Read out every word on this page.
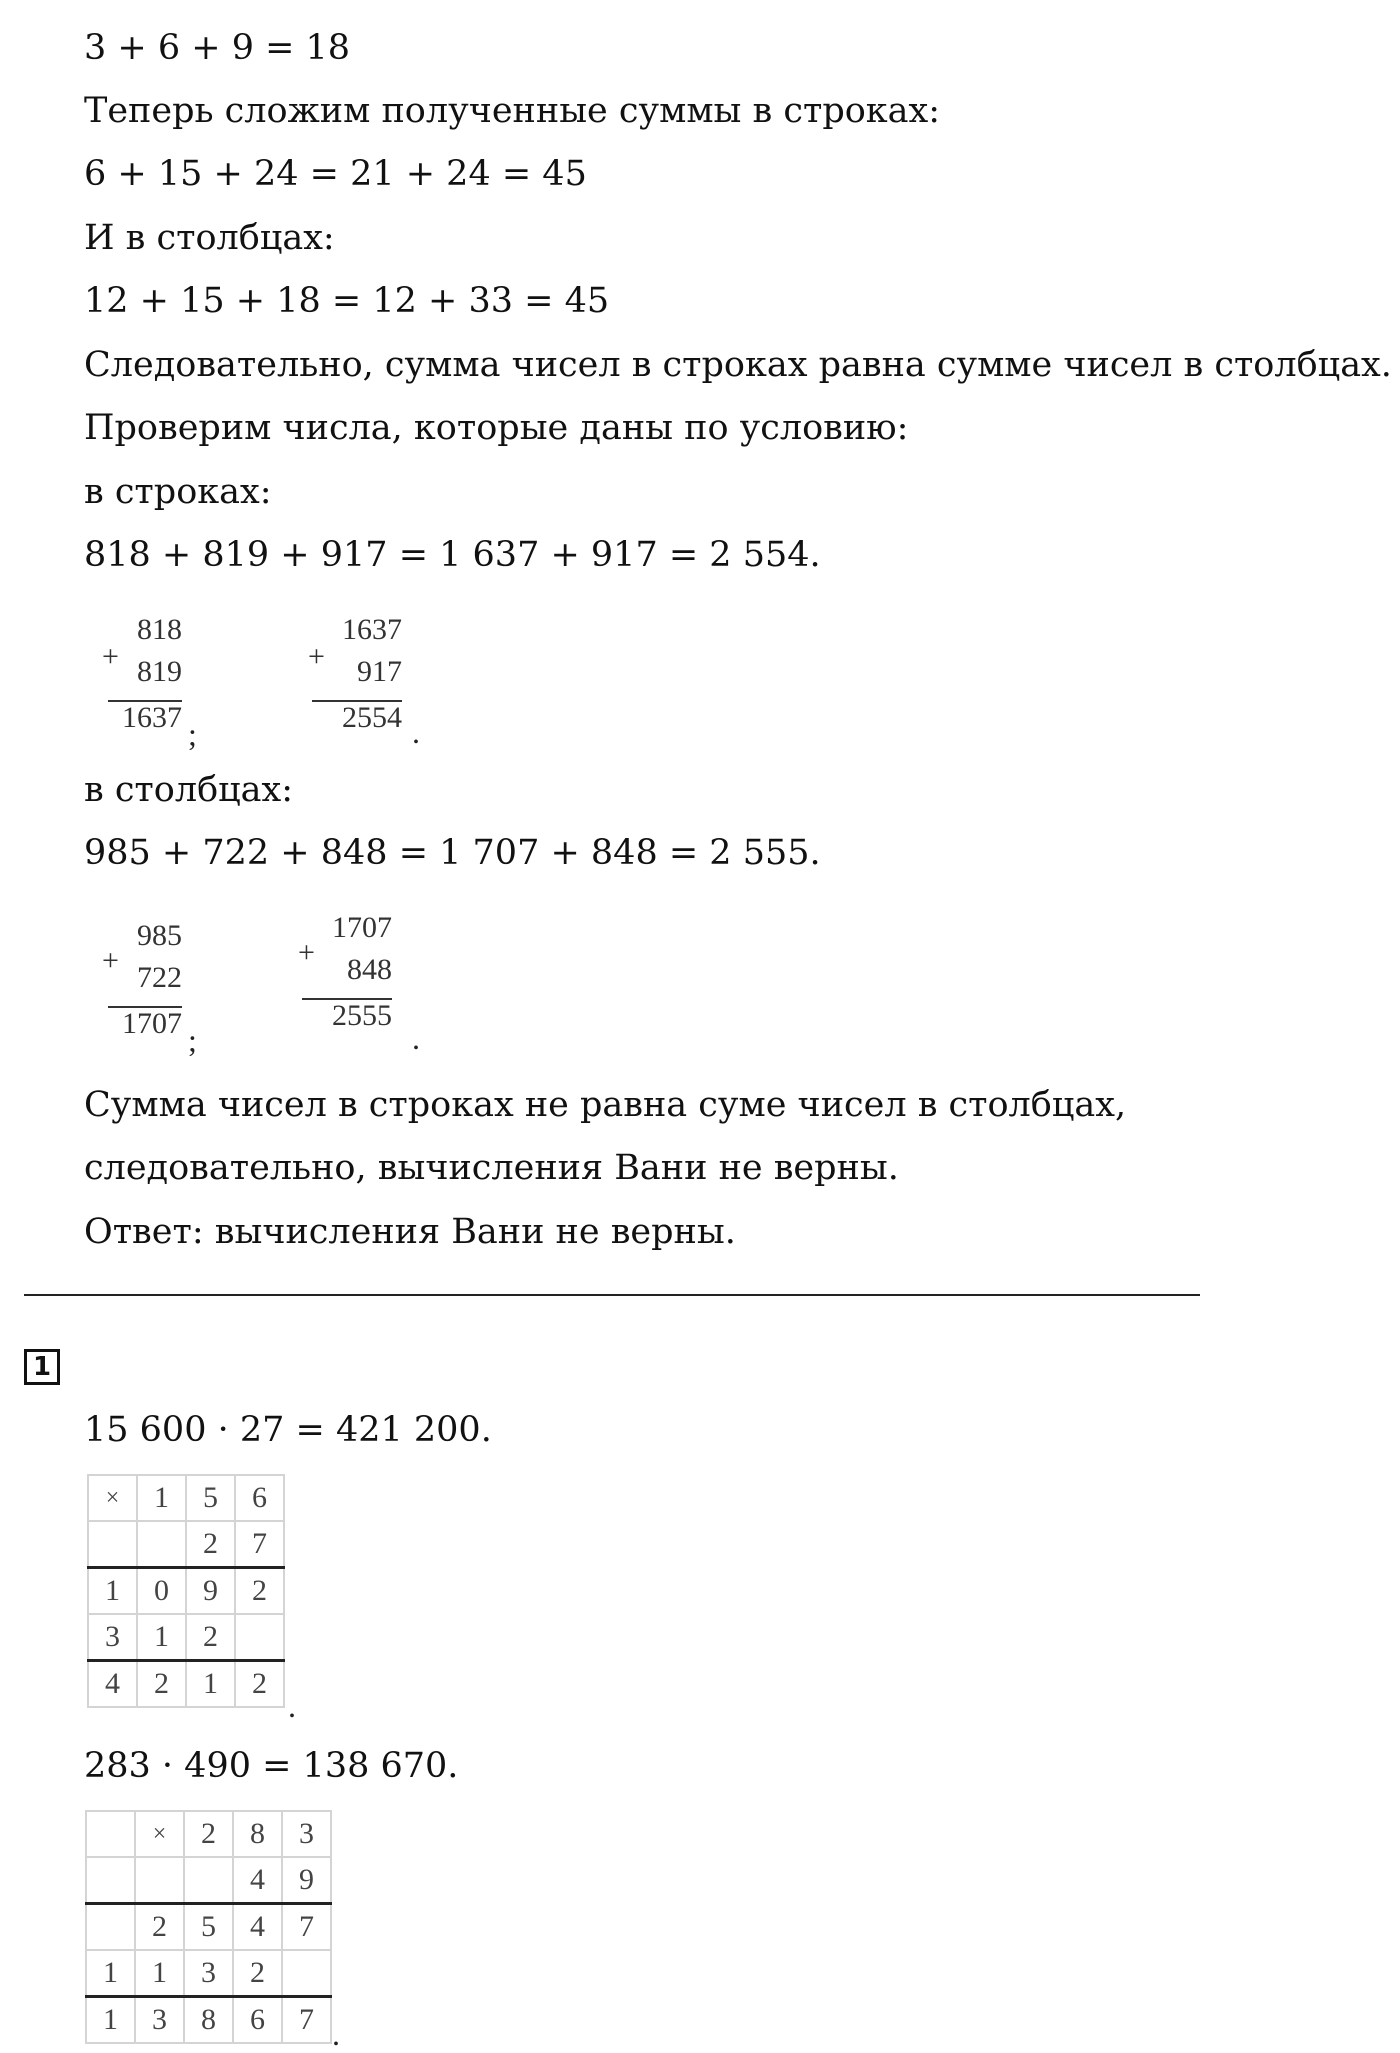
3 + 6 + 9 = 18
Теперь сложим полученные суммы в строках:
6 + 15 + 24 = 21 + 24 = 45
И в столбцах:
12 + 15 + 18 = 12 + 33 = 45
Следовательно, сумма чисел в строках равна сумме чисел в столбцах.
Проверим числа, которые даны по условию:
в строках:
818 + 819 + 917 = 1 637 + 917 = 2 554.
+
818
819
1637 ;
+
1637
917
2554 .
в столбцах:
985 + 722 + 848 = 1 707 + 848 = 2 555.
+
985
722
1707 ;
+
1707
848
2555
.
Сумма чисел в строках не равна суме чисел в столбцах,
следовательно, вычисления Вани не верны.
Ответ: вычисления Вани не верны.
1
15 600 · 27 = 421 200.
×	1	5	6
		2	7
1	0	9	2
3	1	2	
4	2	1	2
.
283 · 490 = 138 670.
	×	2	8	3
			4	9
	2	5	4	7
1	1	3	2	
1	3	8	6	7 .
